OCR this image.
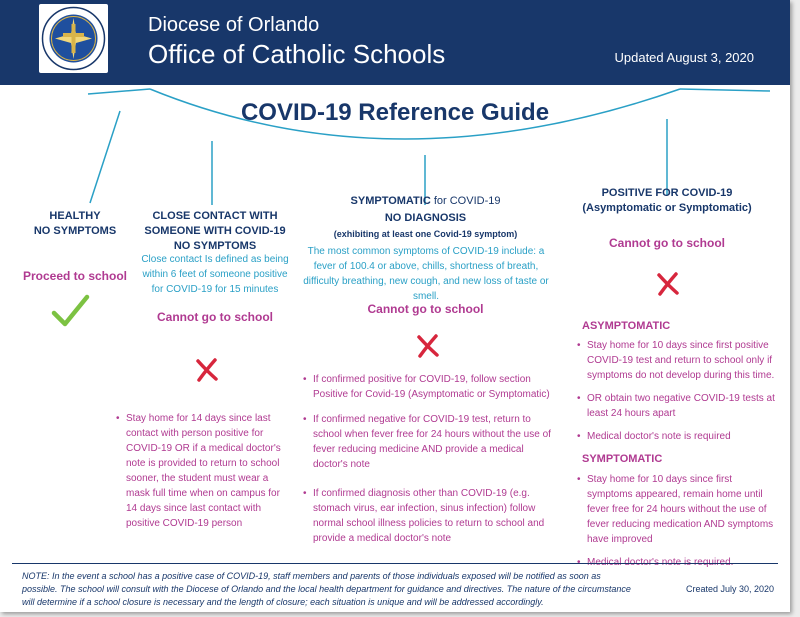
Diocese of Orlando
Office of Catholic Schools	Updated August 3, 2020
COVID-19 Reference Guide
HEALTHY
NO SYMPTOMS
Proceed to school
CLOSE CONTACT WITH
SOMEONE WITH COVID-19
NO SYMPTOMS
Close contact Is defined as being within 6 feet of someone positive for COVID-19 for 15 minutes
Cannot go to school
• Stay home for 14 days since last contact with person positive for COVID-19 OR if a medical doctor's note is provided to return to school sooner, the student must wear a mask full time when on campus for 14 days since last contact with positive COVID-19 person
SYMPTOMATIC for COVID-19
NO DIAGNOSIS
(exhibiting at least one Covid-19 symptom)
The most common symptoms of COVID-19 include: a fever of 100.4 or above, chills, shortness of breath, difficulty breathing, new cough, and new loss of taste or smell.
Cannot go to school
• If confirmed positive for COVID-19, follow section Positive for Covid-19 (Asymptomatic or Symptomatic)
• If confirmed negative for COVID-19 test, return to school when fever free for 24 hours without the use of fever reducing medicine AND provide a medical doctor's note
• If confirmed diagnosis other than COVID-19 (e.g. stomach virus, ear infection, sinus infection) follow normal school illness policies to return to school and provide a medical doctor's note
POSITIVE FOR COVID-19
(Asymptomatic or Symptomatic)
Cannot go to school
ASYMPTOMATIC
• Stay home for 10 days since first positive COVID-19 test and return to school only if symptoms do not develop during this time.
• OR obtain two negative COVID-19 tests at least 24 hours apart
• Medical doctor's note is required
SYMPTOMATIC
• Stay home for 10 days since first symptoms appeared, remain home until fever free for 24 hours without the use of fever reducing medication AND symptoms have improved
•
NOTE: In the event a school has a positive case of COVID-19, staff members and parents of those individuals exposed will be notified as soon as possible. The school will consult with the Diocese of Orlando and the local health department for guidance and directives. The nature of the circumstance will determine if a school closure is necessary and the length of closure; each situation is unique and will be addressed accordingly.
Created July 30, 2020
